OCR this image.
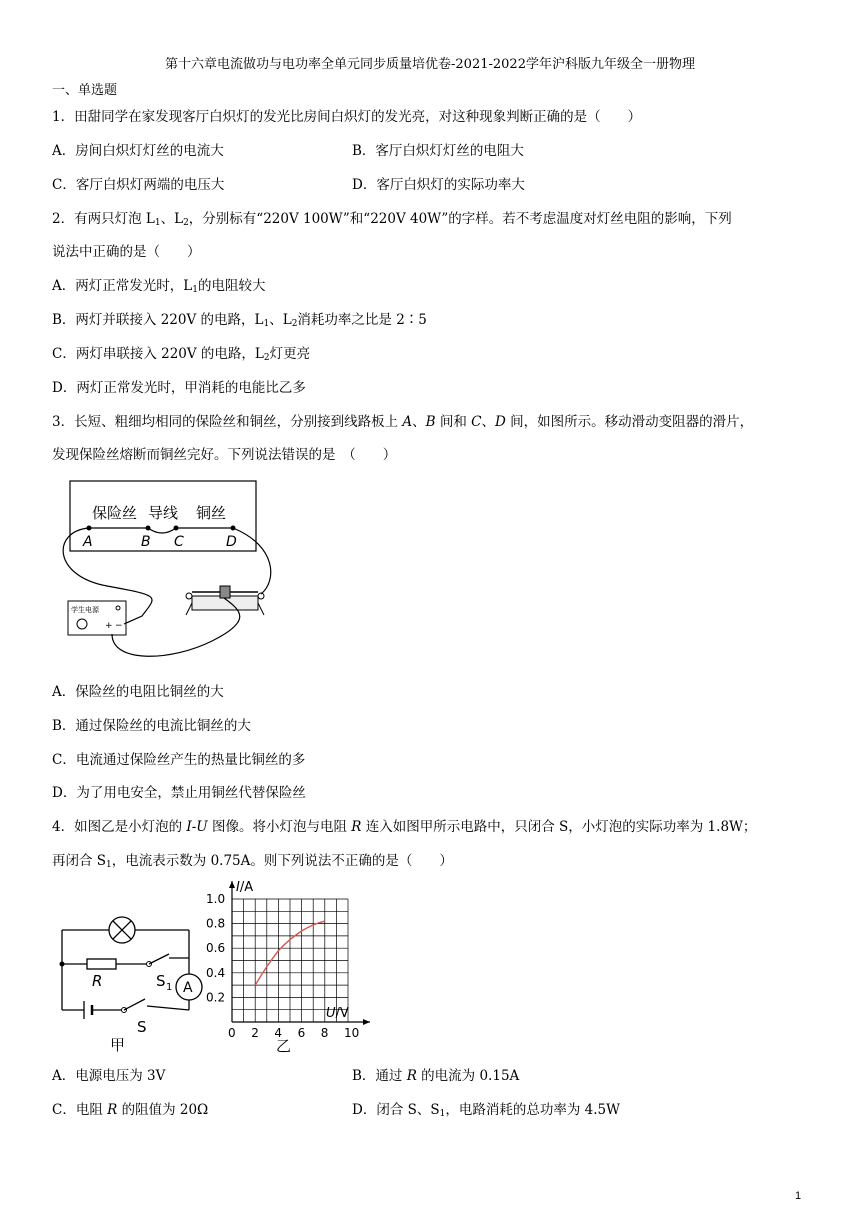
第十六章电流做功与电功率全单元同步质量培优卷-2021-2022学年沪科版九年级全一册物理
一、单选题
1．田甜同学在家发现客厅白炽灯的发光比房间白炽灯的发光亮，对这种现象判断正确的是（　　）
A．房间白炽灯灯丝的电流大	B．客厅白炽灯灯丝的电阻大
C．客厅白炽灯两端的电压大	D．客厅白炽灯的实际功率大
2．有两只灯泡 $L_1$、$L_2$，分别标有“220V 100W”和“220V 40W”的字样。若不考虑温度对灯丝电阻的影响，下列
说法中正确的是（　　）
A．两灯正常发光时，$L_1$的电阻较大
B．两灯并联接入 220V 的电路，$L_1$、$L_2$消耗功率之比是 2∶5
C．两灯串联接入 220V 的电路，$L_2$灯更亮
D．两灯正常发光时，甲消耗的电能比乙多
3．长短、粗细均相同的保险丝和铜丝，分别接到线路板上 A、B 间和 C、D 间，如图所示。移动滑动变阻器的滑片，
发现保险丝熔断而铜丝完好。下列说法错误的是　（　　）
保险丝 导线 铜丝
A	B C	D
学生电源
+ −
A．保险丝的电阻比铜丝的大
B．通过保险丝的电流比铜丝的大
C．电流通过保险丝产生的热量比铜丝的多
D．为了用电安全，禁止用铜丝代替保险丝
4．如图乙是小灯泡的 I-U 图像。将小灯泡与电阻 R 连入如图甲所示电路中，只闭合 S，小灯泡的实际功率为 1.8W；
再闭合 $S_1$，电流表示数为 0.75A。则下列说法不正确的是（　　）
A
R	S 1
S
甲
0 2 4 6 8 10
0.2
0.4
0.6
0.8
1.0
U/V
I/A
乙
A．电源电压为 3V	B．通过 R 的电流为 0.15A
C．电阻 R 的阻值为 20Ω	D．闭合 S、$S_1$，电路消耗的总功率为 4.5W
1
